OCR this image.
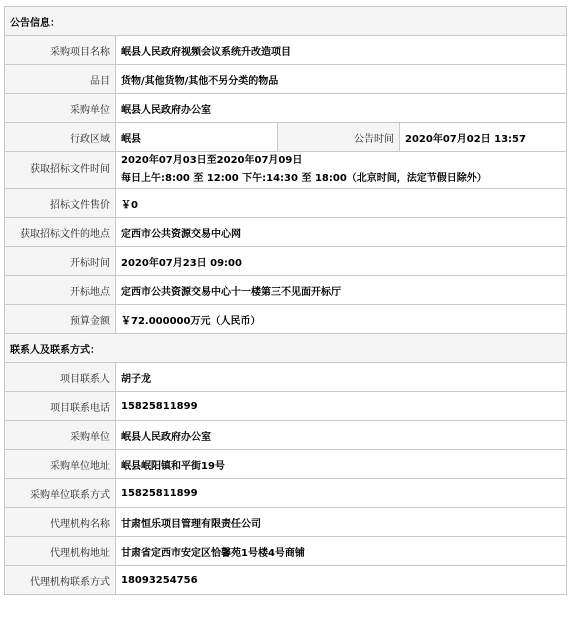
公告信息：			
采购项目名称	岷县人民政府视频会议系统升改造项目		
品目	货物/其他货物/其他不另分类的物品		
采购单位	岷县人民政府办公室		
行政区域	岷县	公告时间	2020年07月02日 13:57
获取招标文件时间	2020年07月03日至2020年07月09日
每日上午:8:00 至 12:00 下午:14:30 至 18:00（北京时间，法定节假日除外）		

招标文件售价	￥0		
获取招标文件的地点	定西市公共资源交易中心网		
开标时间	2020年07月23日 09:00		
开标地点	定西市公共资源交易中心十一楼第三不见面开标厅		
预算金额	￥72.000000万元（人民币）		
联系人及联系方式：			
项目联系人	胡子龙		
项目联系电话	15825811899		
采购单位	岷县人民政府办公室		
采购单位地址	岷县岷阳镇和平街19号		
采购单位联系方式	15825811899		
代理机构名称	甘肃恒乐项目管理有限责任公司		
代理机构地址	甘肃省定西市安定区恰馨苑1号楼4号商铺		
代理机构联系方式	18093254756		
